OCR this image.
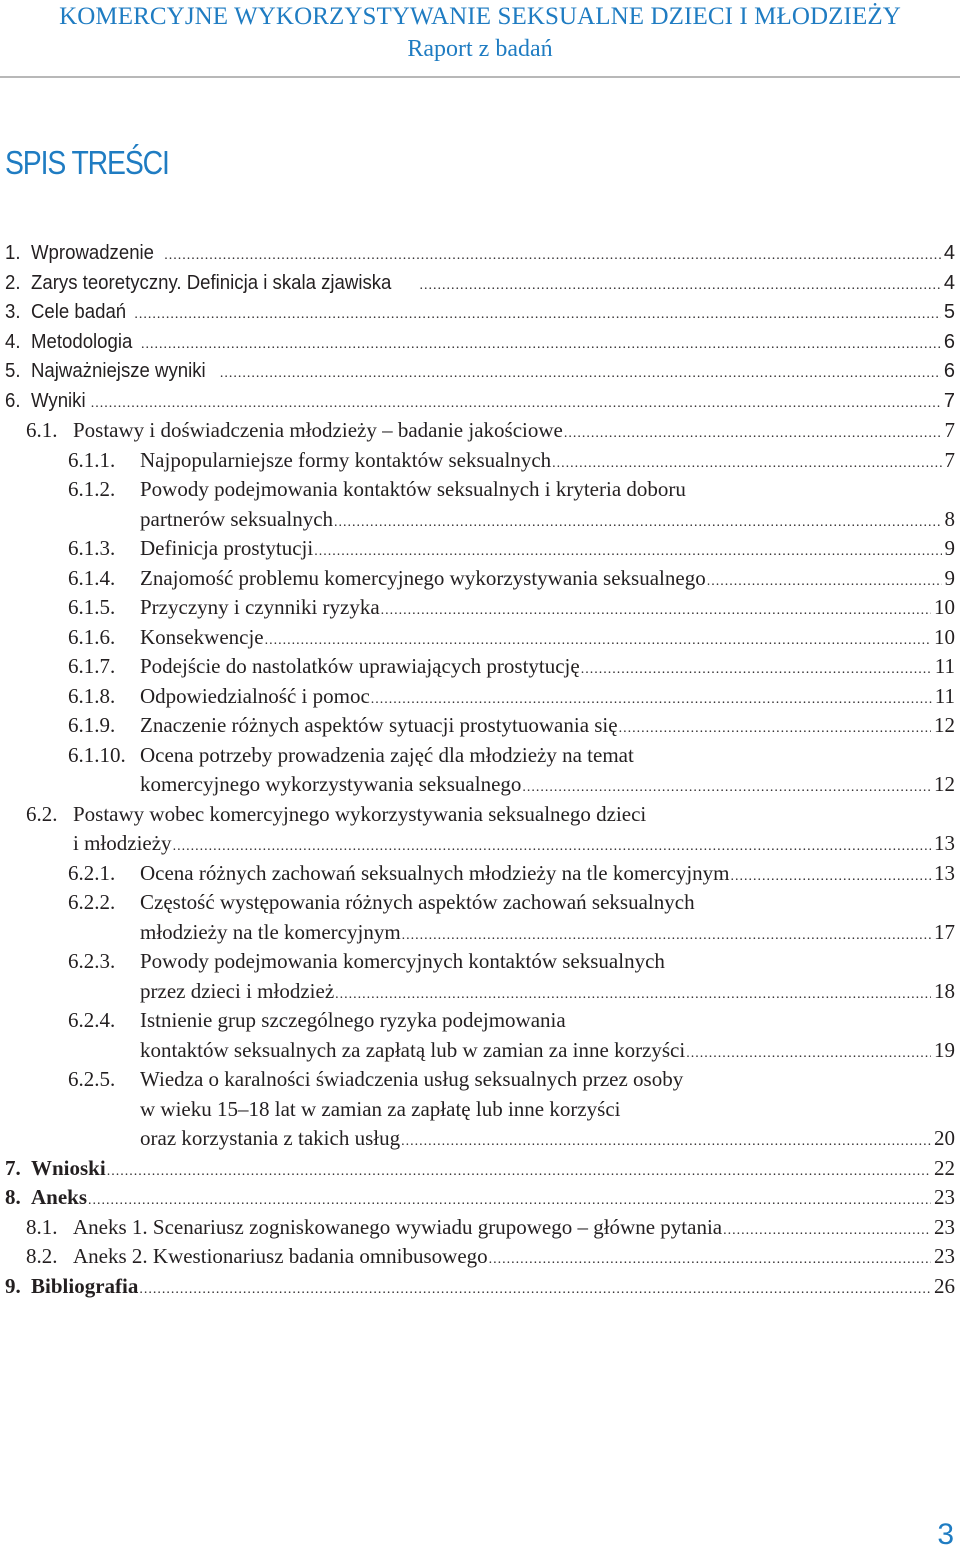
KOMERCYJNE WYKORZYSTYWANIE SEKSUALNE DZIECI I MŁODZIEŻY
Raport z badań
SPIS TREŚCI
1. Wprowadzenie .....	4
2. Zarys teoretyczny. Definicja i skala zjawiska .....	4
3. Cele badań .....	5
4. Metodologia .....	6
5. Najważniejsze wyniki .....	6
6. Wyniki .....	7
6.1. Postawy i doświadczenia młodzieży – badanie jakościowe .....	7
6.1.1.	Najpopularniejsze formy kontaktów seksualnych .....	7
6.1.2.	Powody podejmowania kontaktów seksualnych i kryteria doboru
partnerów seksualnych .....	8
6.1.3.	Definicja prostytucji .....	9
6.1.4.	Znajomość problemu komercyjnego wykorzystywania seksualnego .....	9
6.1.5.	Przyczyny i czynniki ryzyka .....	10
6.1.6.	Konsekwencje .....	10
6.1.7.	Podejście do nastolatków uprawiających prostytucję .....	11
6.1.8.	Odpowiedzialność i pomoc .....	11
6.1.9.	Znaczenie różnych aspektów sytuacji prostytuowania się .....	12
6.1.10. Ocena potrzeby prowadzenia zajęć dla młodzieży na temat
komercyjnego wykorzystywania seksualnego .....	12
6.2. Postawy wobec komercyjnego wykorzystywania seksualnego dzieci
i młodzieży .....	13
6.2.1.	Ocena różnych zachowań seksualnych młodzieży na tle komercyjnym .....	13
6.2.2.	Częstość występowania różnych aspektów zachowań seksualnych
młodzieży na tle komercyjnym .....	17
6.2.3.	Powody podejmowania komercyjnych kontaktów seksualnych
przez dzieci i młodzież .....	18
6.2.4.	Istnienie grup szczególnego ryzyka podejmowania
kontaktów seksualnych za zapłatą lub w zamian za inne korzyści .....	19
6.2.5.	Wiedza o karalności świadczenia usług seksualnych przez osoby
w wieku 15–18 lat w zamian za zapłatę lub inne korzyści
oraz korzystania z takich usług .....	20
7. Wnioski .....	22
8. Aneks .....	23
8.1. Aneks 1. Scenariusz zogniskowanego wywiadu grupowego – główne pytania .....	23
8.2. Aneks 2. Kwestionariusz badania omnibusowego .....	23
9. Bibliografia .....	26
3
